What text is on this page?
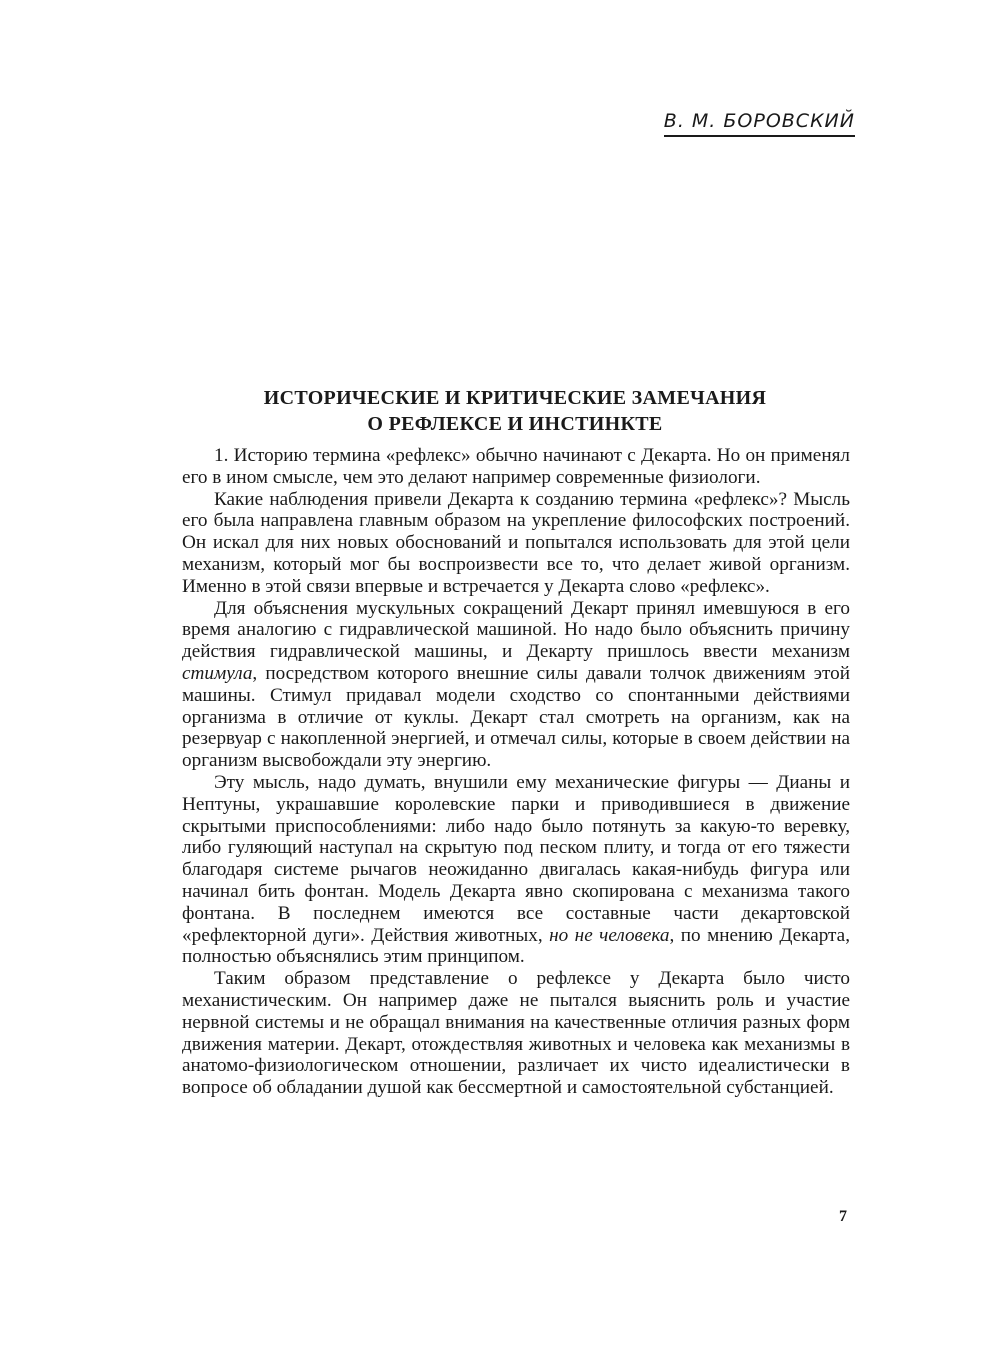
В. М. БОРОВСКИЙ
ИСТОРИЧЕСКИЕ И КРИТИЧЕСКИЕ ЗАМЕЧАНИЯ
О РЕФЛЕКСЕ И ИНСТИНКТЕ

1. Историю термина «рефлекс» обычно начинают с Декарта. Но он применял его в ином смысле, чем это делают например современные физиологи.

Какие наблюдения привели Декарта к созданию термина «рефлекс»? Мысль его была направлена главным образом на укрепление философских построений. Он искал для них новых обоснований и попытался использовать для этой цели механизм, который мог бы воспроизвести все то, что делает живой организм. Именно в этой связи впервые и встречается у Декарта слово «рефлекс».

Для объяснения мускульных сокращений Декарт принял имевшуюся в его время аналогию с гидравлической машиной. Но надо было объяснить причину действия гидравлической машины, и Декарту пришлось ввести механизм стимула, посредством которого внешние силы давали толчок движениям этой машины. Стимул придавал модели сходство со спонтанными действиями организма в отличие от куклы. Декарт стал смотреть на организм, как на резервуар с накопленной энергией, и отмечал силы, которые в своем действии на организм высвобождали эту энергию.

Эту мысль, надо думать, внушили ему механические фигуры — Дианы и Нептуны, украшавшие королевские парки и приводившиеся в движение скрытыми приспособлениями: либо надо было потянуть за какую-то веревку, либо гуляющий наступал на скрытую под песком плиту, и тогда от его тяжести благодаря системе рычагов неожиданно двигалась какая-нибудь фигура или начинал бить фонтан. Модель Декарта явно скопирована с механизма такого фонтана. В последнем имеются все составные части декартовской «рефлекторной дуги». Действия животных, но не человека, по мнению Декарта, полностью объяснялись этим принципом.

Таким образом представление о рефлексе у Декарта было чисто механистическим. Он например даже не пытался выяснить роль и участие нервной системы и не обращал внимания на качественные отличия разных форм движения материи. Декарт, отождествляя животных и человека как механизмы в анатомо-физиологическом отношении, различает их чисто идеалистически в вопросе об обладании душой как бессмертной и самостоятельной субстанцией.

7
